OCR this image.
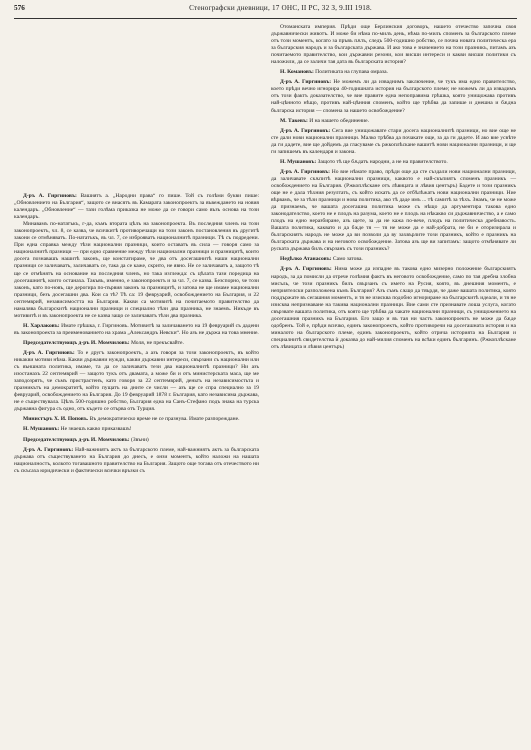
576	Стенографски дневници, 17 ОНС, II РС, 32 З, 9.III 1918.

Д-ръ А. Гиргиновъ: Вашиятъ а. „Народни права“ го пише. Той съ голѣми букви пише: „Обновлението на България“, защото се внасятъ въ Камарата законопроектъ за въвеждането на новия календаръ. „Обновление“ — тази голѣма приказка не може да се говори само възъ основа на този календаръ.

Минавамъ по-нататъкъ, г-да, къмъ втората цѣлъ на законопроекта. Въ последния членъ на този законопроектъ, чл. 8, се казва, че всичкитѣ противоречащи на този законъ постановления въ другитѣ закони се отмѣняватъ. По-нататъкъ, въ чл. 7, се изброяватъ националнитѣ празници. Тѣ съ подредени. При една справка между тѣзи национални празници, които оставатъ въ сила — говоря само за националнитѣ празници — при едно сравнение между тѣзи национални празници и празницитѣ, които досега познавашъ нашитѣ законъ, ще констатираме, че два отъ досегашнитѣ наши национални празници се заличаватъ, заличаватъ се, така да се каже, скрито, не явно. Не се заличаватъ а, защото тѣ ще се отмѣнятъ на основание на последния членъ, но така изглежда: съ цѣлата тази поредица на досегашнитѣ, които останаха. Такъвъ, именно, е законопроектъ и за чл. 7, се казва. Безспорно, че този законъ, катo по-новъ, ще дерогира по-първия законъ за празницитѣ, и затова не ще имаме национални празници, безъ досегашни два. Кои са тѣ? Тѣ са: 19 февруарий, освобождението на България, и 22 септемврий, независимостта на България. Какви са мотивитѣ на почитаемото правителство да намалява българскитѣ национални празници и специално тѣзи два празника, не знаемъ. Никъде въ мотивитѣ и въ законопроекта не се казва защо се заличаватъ тѣзи два празника.

Н. Харлаковъ: Имате грѣшка, г. Гиргиновъ. Мотивитѣ за заличаването на 19 февруарий съ дадени въ законопроекта за преименованието на храма „Александръ Невски“. Но азъ не държа на това мнение.

Председателствующъ д-ръ И. Момчиловъ: Моля, не прекъсвайте.

Д-ръ А. Гиргиновъ: То е другъ законопроектъ, а азъ говоря за този законопроектъ, въ който никакви мотиви нѣма. Какви държавни нужди, какви държавни интереси, свързани съ национални или съ външната политика, имаме, та да се заличаватъ тези два националнитѣ празници? Ни азъ изостанахъ 22 септемврий — защото тукъ отъ двамата, а може би и отъ министерската маса, ще ме заподозрятъ, че съмъ пристрастенъ, като говоря за 22 септемврий, деньтъ на независимостьта и празникътъ на демократитѣ, който пущатъ на дните се числи — азъ ще се спра специално за 19 февруарий, освобождението на България. До 19 февруарий 1878 г. България, като независима държава, не е съществувала. Цѣлъ 500-годишно робство, България една на Санъ-Стефано подъ знака на турска държавна фигура съ одно, отъ където се отърва отъ Турция.

Министъръ Х. И. Поповъ. Въ демократическо време не се празнува. Имате разпореждане.

Н. Мушановъ: Не знаешъ какво приказвашъ!

Председателствующъ д-ръ И. Момчиловъ: (Звъни)

Д-ръ А. Гиргиновъ: Най-важниятъ актъ за българското племе, най-важниятъ актъ за българската държава отъ съществуването на България до днесъ, е онзи моментъ, който наложи на нашата националностъ, колкото тогавашното правителство на България. Защото още тогава отъ отечеството ни съ скъсаха юридически и фактически всички връзки съ

Отоманската империя. Прѣди още Берлинския договоръ, нашето отечество започна своя държавнически животъ. И може би нѣма по-милъ день, нѣма по-милъ споменъ за българското племе отъ този моментъ, когато за пръвъ пѫть, следъ 500-годишно робство, се почна новата политическа ера за българския народъ и за българската държава. И ако това е значението на този празникъ, питамъ азъ почитаемото правителство, кои държавни резони, кои висши интереси и какви висши политики съ наложили, да се заличи тая дата въ българската история?

Н. Комановъ: Политиката на глупава омраза.

Д-ръ А. Гиргиновъ: Не можемъ ли да изваднимъ заключение, че тукъ има едно правителство, което прѣди вечно игнорира 40-годишната история на българското племе; не можемъ ли да извадимъ отъ този фактъ доказателство, че вие правите една непоправима грѣшка, която унищожава противъ най-цѣнното нѣщо, противъ най-цѣнния споменъ, който ще трѣбва да запише и днешна и бѫдна българска история — спомена за нашето освобождение?

М. Такевъ: И на нашето обединение.

Д-ръ А. Гиргиновъ: Сега вие унищожавате стари досега националнитѣ празници, но вие още не сте дали нови национални празници. Малко трѣбва да почакате още, за да ги дадете. И ако вие усвѣте да ги дадете, вие ще дойдемъ да гласуваме съ ржкоплѣскане вашитѣ нови национални празници, и ще ги запишемъ въ календаря и закона.

Н. Мушановъ: Защото тѣ ще бѫдатъ народни, а не на правителството.

Д-ръ А. Гиргиновъ: Но вие нѣмате право, прѣди още да сте създали нови национални празници, да заличавате скѫпитѣ национални празници, каквото е най-скъпиятъ споменъ празникъ — освобождението на България. (Ржкоплѣскане отъ лѣвицата и лѣвия центъръ) Бадете и този празникъ още не е дала тѣхния резултатъ, съ който искатъ да се отбѣлѣжатъ нови национални празници. Ние вѣрвамъ, че за тѣзи празници и нова политика, ако тѣ даде имъ ... тѣ самитѣ за тѣхъ. Знамъ, че не може да признаемъ, че вашата досегашна политика може съ нѣщо да аргументира такова едно законодателство, което не е плодъ на разума, което не е плодъ на нѣкакво си държавничество, а е само плодъ на едно неразбиране, азъ щете, за да не кажа по-вече, плодъ на политическа дребнавость. Вашата политика, каквато и да бѫде тя — тя не може да е най-добрата, не би е оторизирала и българскиятъ народъ не може да ви позволи да ву захвърлите този празникъ, който е празникъ на българската държава и на неговото освобождение. Затова азъ ще ви запитамъ: защото отмѣнявате ли руската държава билъ свързанъ съ този празникъ?

Недѣлко Атанасовъ: Само затова.

Д-ръ А. Гиргиновъ: Нима може да изпадне въ такова едно мизерно положение българскиятъ народъ, за да помисли да отрече голѣмия фактъ въ неговото освобождение, само по тая дребна злобна мисъль, че този празникъ билъ свързанъ съ името на Русия, която, въ днешния моментъ, е неприятелски разположена къмъ България? Азъ съмъ сѫщо да твърдя, че даже вашата политика, която поддържате въ сегашния моментъ, и тя не изисква подобно игнориране на българскитѣ идеали, и тя не изисква непризнаване на такива национални празници. Вие сами сте признавате лоша услуга, когато свързвате вашата политика, отъ която ще трѣбва да чакате национални празници, съ унищожението на досегашния празникъ на България. Его защо и въ тая ни частъ законопроектъ не може да бѫде одобренъ. Той е, прѣди всичко, единъ законопроектъ, който противоречи на досегашната история и на миналото на българското племе, единъ законопроектъ, който отрича историята на България и специалнитѣ свидетелства ѝ доказва до най-милия споменъ на всѣки единъ българинъ. (Ржкоплѣскане отъ лѣвицата и лѣвия центъръ)
